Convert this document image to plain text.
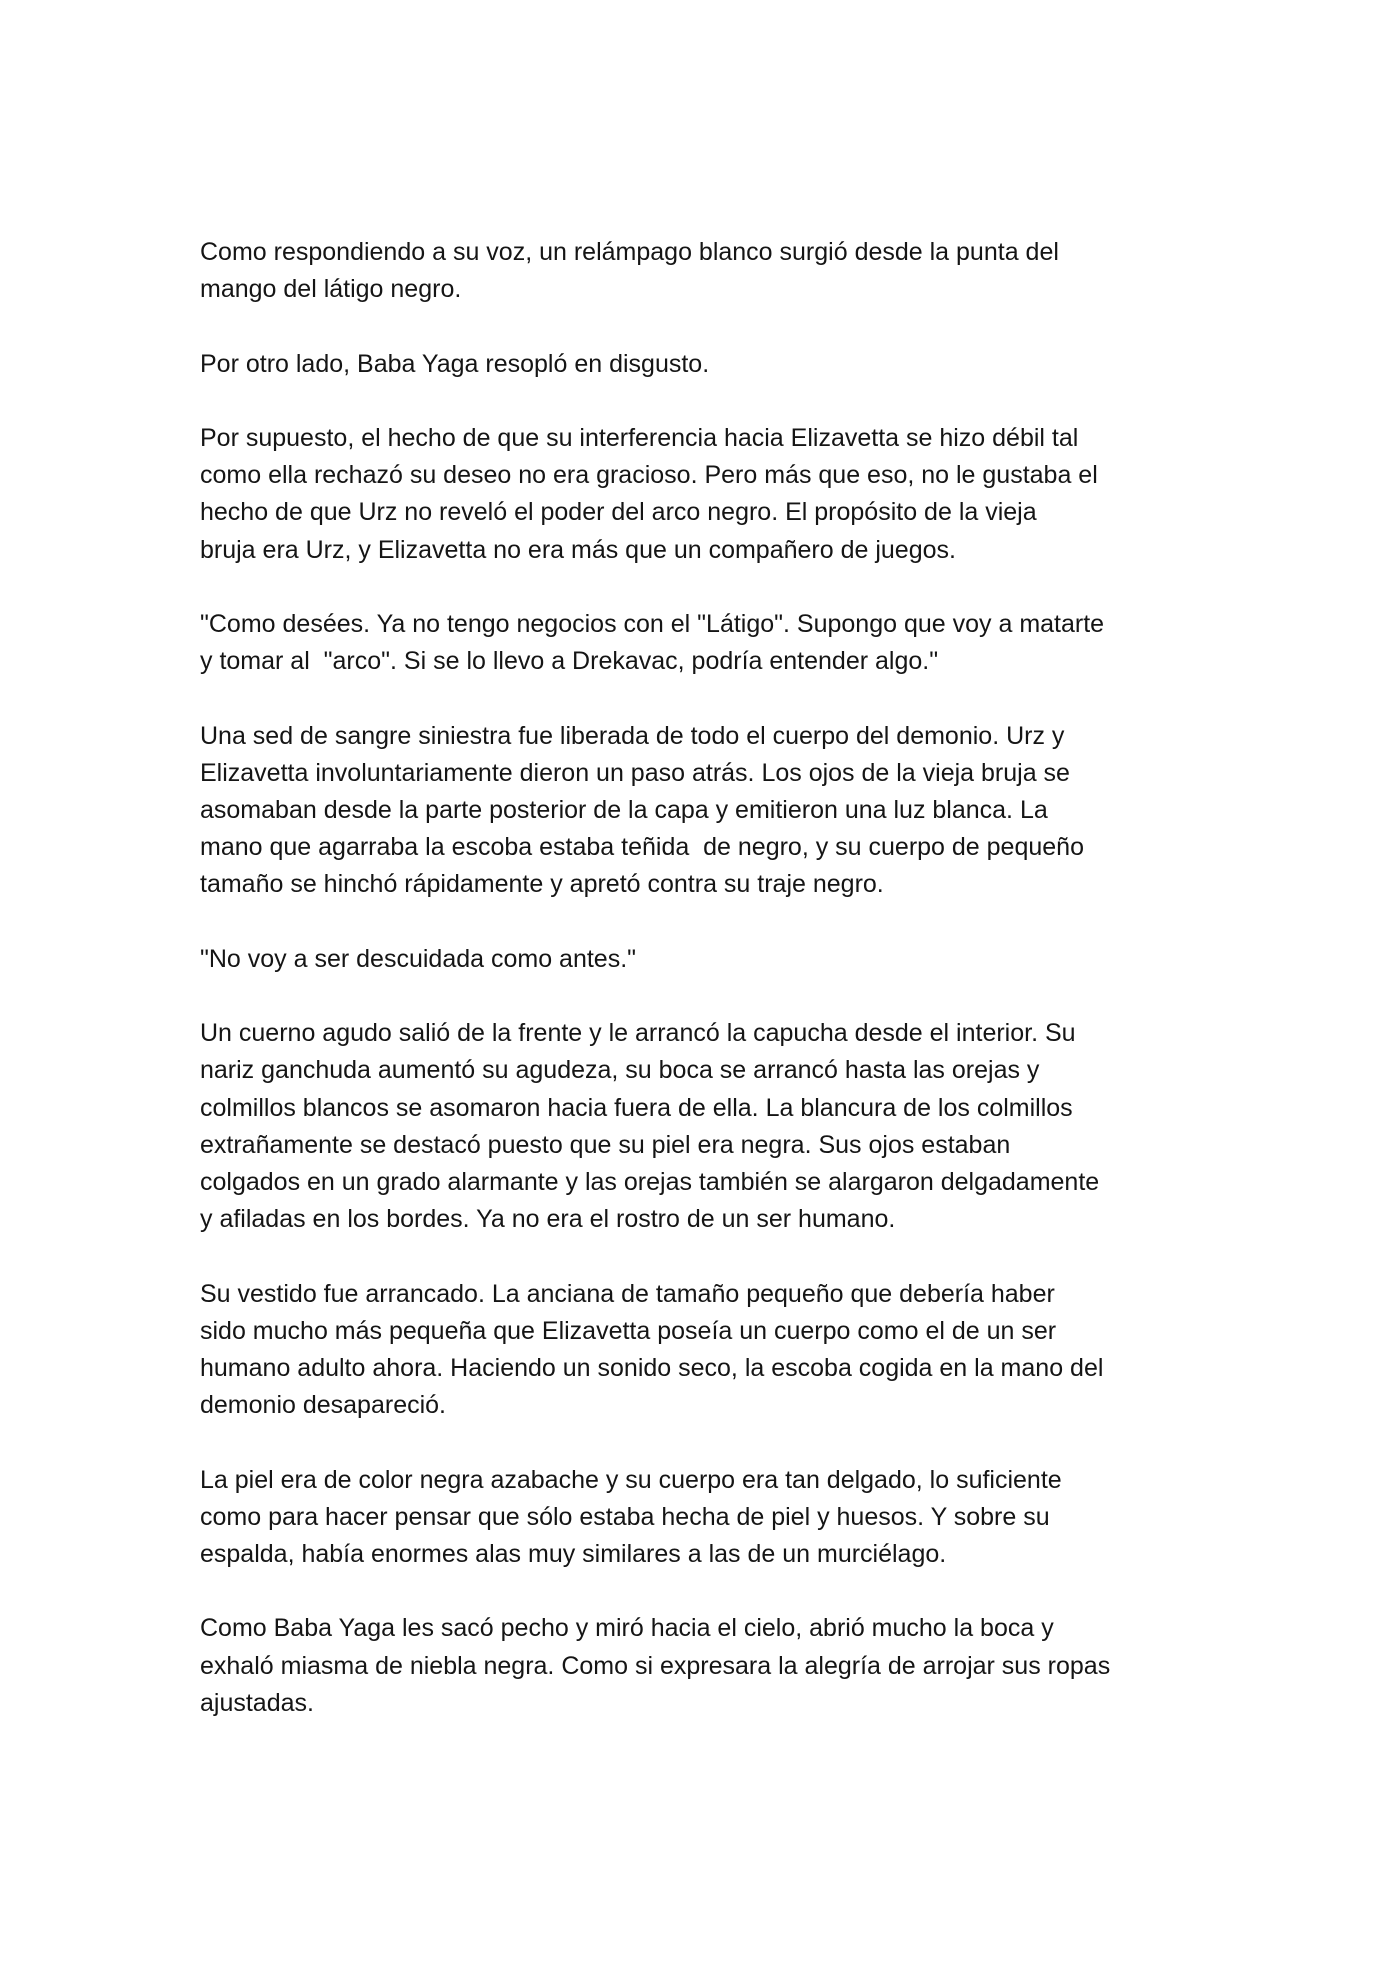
Como respondiendo a su voz, un relámpago blanco surgió desde la punta del
mango del látigo negro.

Por otro lado, Baba Yaga resopló en disgusto.

Por supuesto, el hecho de que su interferencia hacia Elizavetta se hizo débil tal
como ella rechazó su deseo no era gracioso. Pero más que eso, no le gustaba el
hecho de que Urz no reveló el poder del arco negro. El propósito de la vieja
bruja era Urz, y Elizavetta no era más que un compañero de juegos.

"Como desées. Ya no tengo negocios con el "Látigo". Supongo que voy a matarte
y tomar al  "arco". Si se lo llevo a Drekavac, podría entender algo."

Una sed de sangre siniestra fue liberada de todo el cuerpo del demonio. Urz y
Elizavetta involuntariamente dieron un paso atrás. Los ojos de la vieja bruja se
asomaban desde la parte posterior de la capa y emitieron una luz blanca. La
mano que agarraba la escoba estaba teñida  de negro, y su cuerpo de pequeño
tamaño se hinchó rápidamente y apretó contra su traje negro.

"No voy a ser descuidada como antes."

Un cuerno agudo salió de la frente y le arrancó la capucha desde el interior. Su
nariz ganchuda aumentó su agudeza, su boca se arrancó hasta las orejas y
colmillos blancos se asomaron hacia fuera de ella. La blancura de los colmillos
extrañamente se destacó puesto que su piel era negra. Sus ojos estaban
colgados en un grado alarmante y las orejas también se alargaron delgadamente
y afiladas en los bordes. Ya no era el rostro de un ser humano.

Su vestido fue arrancado. La anciana de tamaño pequeño que debería haber
sido mucho más pequeña que Elizavetta poseía un cuerpo como el de un ser
humano adulto ahora. Haciendo un sonido seco, la escoba cogida en la mano del
demonio desapareció.

La piel era de color negra azabache y su cuerpo era tan delgado, lo suficiente
como para hacer pensar que sólo estaba hecha de piel y huesos. Y sobre su
espalda, había enormes alas muy similares a las de un murciélago.

Como Baba Yaga les sacó pecho y miró hacia el cielo, abrió mucho la boca y
exhaló miasma de niebla negra. Como si expresara la alegría de arrojar sus ropas
ajustadas.
